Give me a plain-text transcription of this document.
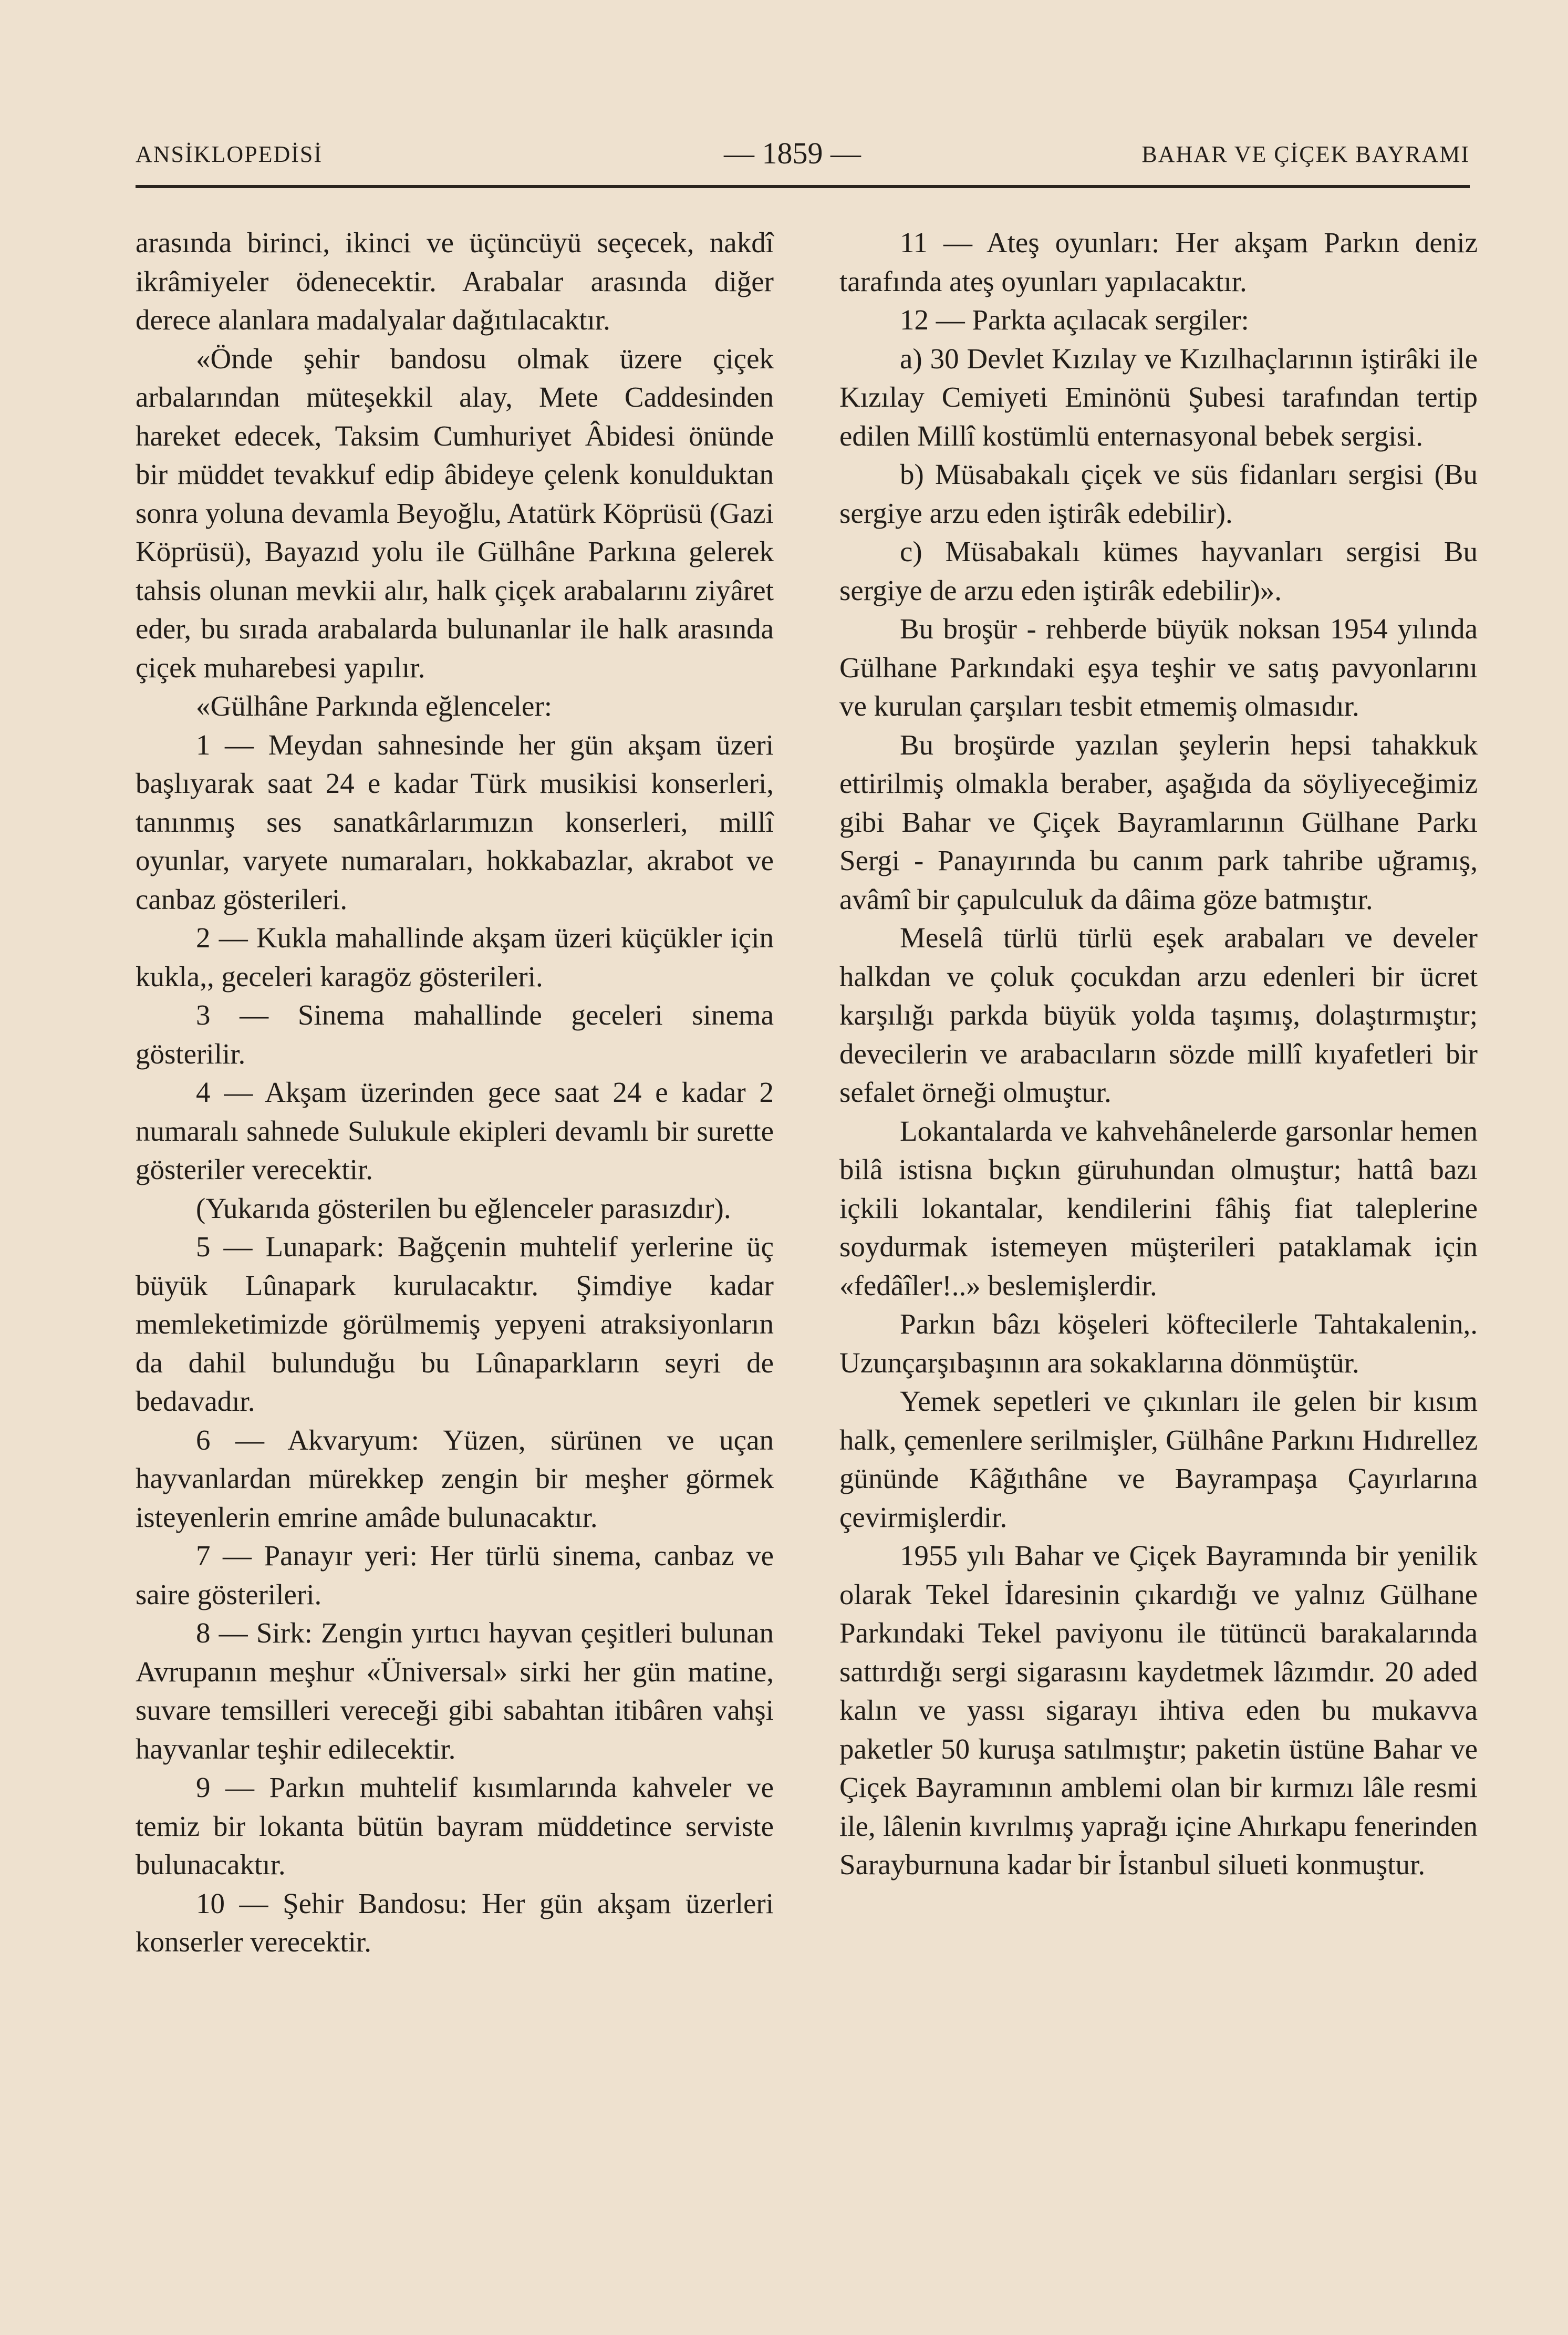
ANSİKLOPEDİSİ	— 1859 —	BAHAR VE ÇİÇEK BAYRAMI

arasında birinci, ikinci ve üçüncüyü seçecek, nakdî ikrâmiyeler ödenecektir. Arabalar arasında diğer derece alanlara madalyalar dağıtılacaktır.

«Önde şehir bandosu olmak üzere çiçek arbalarından müteşekkil alay, Mete Caddesinden hareket edecek, Taksim Cumhuriyet Âbidesi önünde bir müddet tevakkuf edip âbideye çelenk konulduktan sonra yoluna devamla Beyoğlu, Atatürk Köprüsü (Gazi Köprüsü), Bayazıd yolu ile Gülhâne Parkına gelerek tahsis olunan mevkii alır, halk çiçek arabalarını ziyâret eder, bu sırada arabalarda bulunanlar ile halk arasında çiçek muharebesi yapılır.

«Gülhâne Parkında eğlenceler:

1 — Meydan sahnesinde her gün akşam üzeri başlıyarak saat 24 e kadar Türk musikisi konserleri, tanınmış ses sanatkârlarımızın konserleri, millî oyunlar, varyete numaraları, hokkabazlar, akrabot ve canbaz gösterileri.

2 — Kukla mahallinde akşam üzeri küçükler için kukla,, geceleri karagöz gösterileri.

3 — Sinema mahallinde geceleri sinema gösterilir.

4 — Akşam üzerinden gece saat 24 e kadar 2 numaralı sahnede Sulukule ekipleri devamlı bir surette gösteriler verecektir.

(Yukarıda gösterilen bu eğlenceler parasızdır).

5 — Lunapark: Bağçenin muhtelif yerlerine üç büyük Lûnapark kurulacaktır. Şimdiye kadar memleketimizde görülmemiş yepyeni atraksiyonların da dahil bulunduğu bu Lûnaparkların seyri de bedavadır.

6 — Akvaryum: Yüzen, sürünen ve uçan hayvanlardan mürekkep zengin bir meşher görmek isteyenlerin emrine amâde bulunacaktır.

7 — Panayır yeri: Her türlü sinema, canbaz ve saire gösterileri.

8 — Sirk: Zengin yırtıcı hayvan çeşitleri bulunan Avrupanın meşhur «Üniversal» sirki her gün matine, suvare temsilleri vereceği gibi sabahtan itibâren vahşi hayvanlar teşhir edilecektir.

9 — Parkın muhtelif kısımlarında kahveler ve temiz bir lokanta bütün bayram müddetince serviste bulunacaktır.

10 — Şehir Bandosu: Her gün akşam üzerleri konserler verecektir.

11 — Ateş oyunları: Her akşam Parkın deniz tarafında ateş oyunları yapılacaktır.

12 — Parkta açılacak sergiler:

a) 30 Devlet Kızılay ve Kızılhaçlarının iştirâki ile Kızılay Cemiyeti Eminönü Şubesi tarafından tertip edilen Millî kostümlü enternasyonal bebek sergisi.

b) Müsabakalı çiçek ve süs fidanları sergisi (Bu sergiye arzu eden iştirâk edebilir).

c) Müsabakalı kümes hayvanları sergisi Bu sergiye de arzu eden iştirâk edebilir)».

Bu broşür - rehberde büyük noksan 1954 yılında Gülhane Parkındaki eşya teşhir ve satış pavyonlarını ve kurulan çarşıları tesbit etmemiş olmasıdır.

Bu broşürde yazılan şeylerin hepsi tahakkuk ettirilmiş olmakla beraber, aşağıda da söyliyeceğimiz gibi Bahar ve Çiçek Bayramlarının Gülhane Parkı Sergi - Panayırında bu canım park tahribe uğramış, avâmî bir çapulculuk da dâima göze batmıştır.

Meselâ türlü türlü eşek arabaları ve develer halkdan ve çoluk çocukdan arzu edenleri bir ücret karşılığı parkda büyük yolda taşımış, dolaştırmıştır; devecilerin ve arabacıların sözde millî kıyafetleri bir sefalet örneği olmuştur.

Lokantalarda ve kahvehânelerde garsonlar hemen bilâ istisna bıçkın güruhundan olmuştur; hattâ bazı içkili lokantalar, kendilerini fâhiş fiat taleplerine soydurmak istemeyen müşterileri pataklamak için «fedâîler!..» beslemişlerdir.

Parkın bâzı köşeleri köftecilerle Tahtakalenin,. Uzunçarşıbaşının ara sokaklarına dönmüştür.

Yemek sepetleri ve çıkınları ile gelen bir kısım halk, çemenlere serilmişler, Gülhâne Parkını Hıdırellez gününde Kâğıthâne ve Bayrampaşa Çayırlarına çevirmişlerdir.

1955 yılı Bahar ve Çiçek Bayramında bir yenilik olarak Tekel İdaresinin çıkardığı ve yalnız Gülhane Parkındaki Tekel paviyonu ile tütüncü barakalarında sattırdığı sergi sigarasını kaydetmek lâzımdır. 20 aded kalın ve yassı sigarayı ihtiva eden bu mukavva paketler 50 kuruşa satılmıştır; paketin üstüne Bahar ve Çiçek Bayramının amblemi olan bir kırmızı lâle resmi ile, lâlenin kıvrılmış yaprağı içine Ahırkapu fenerinden Sarayburnuna kadar bir İstanbul silueti konmuştur.
